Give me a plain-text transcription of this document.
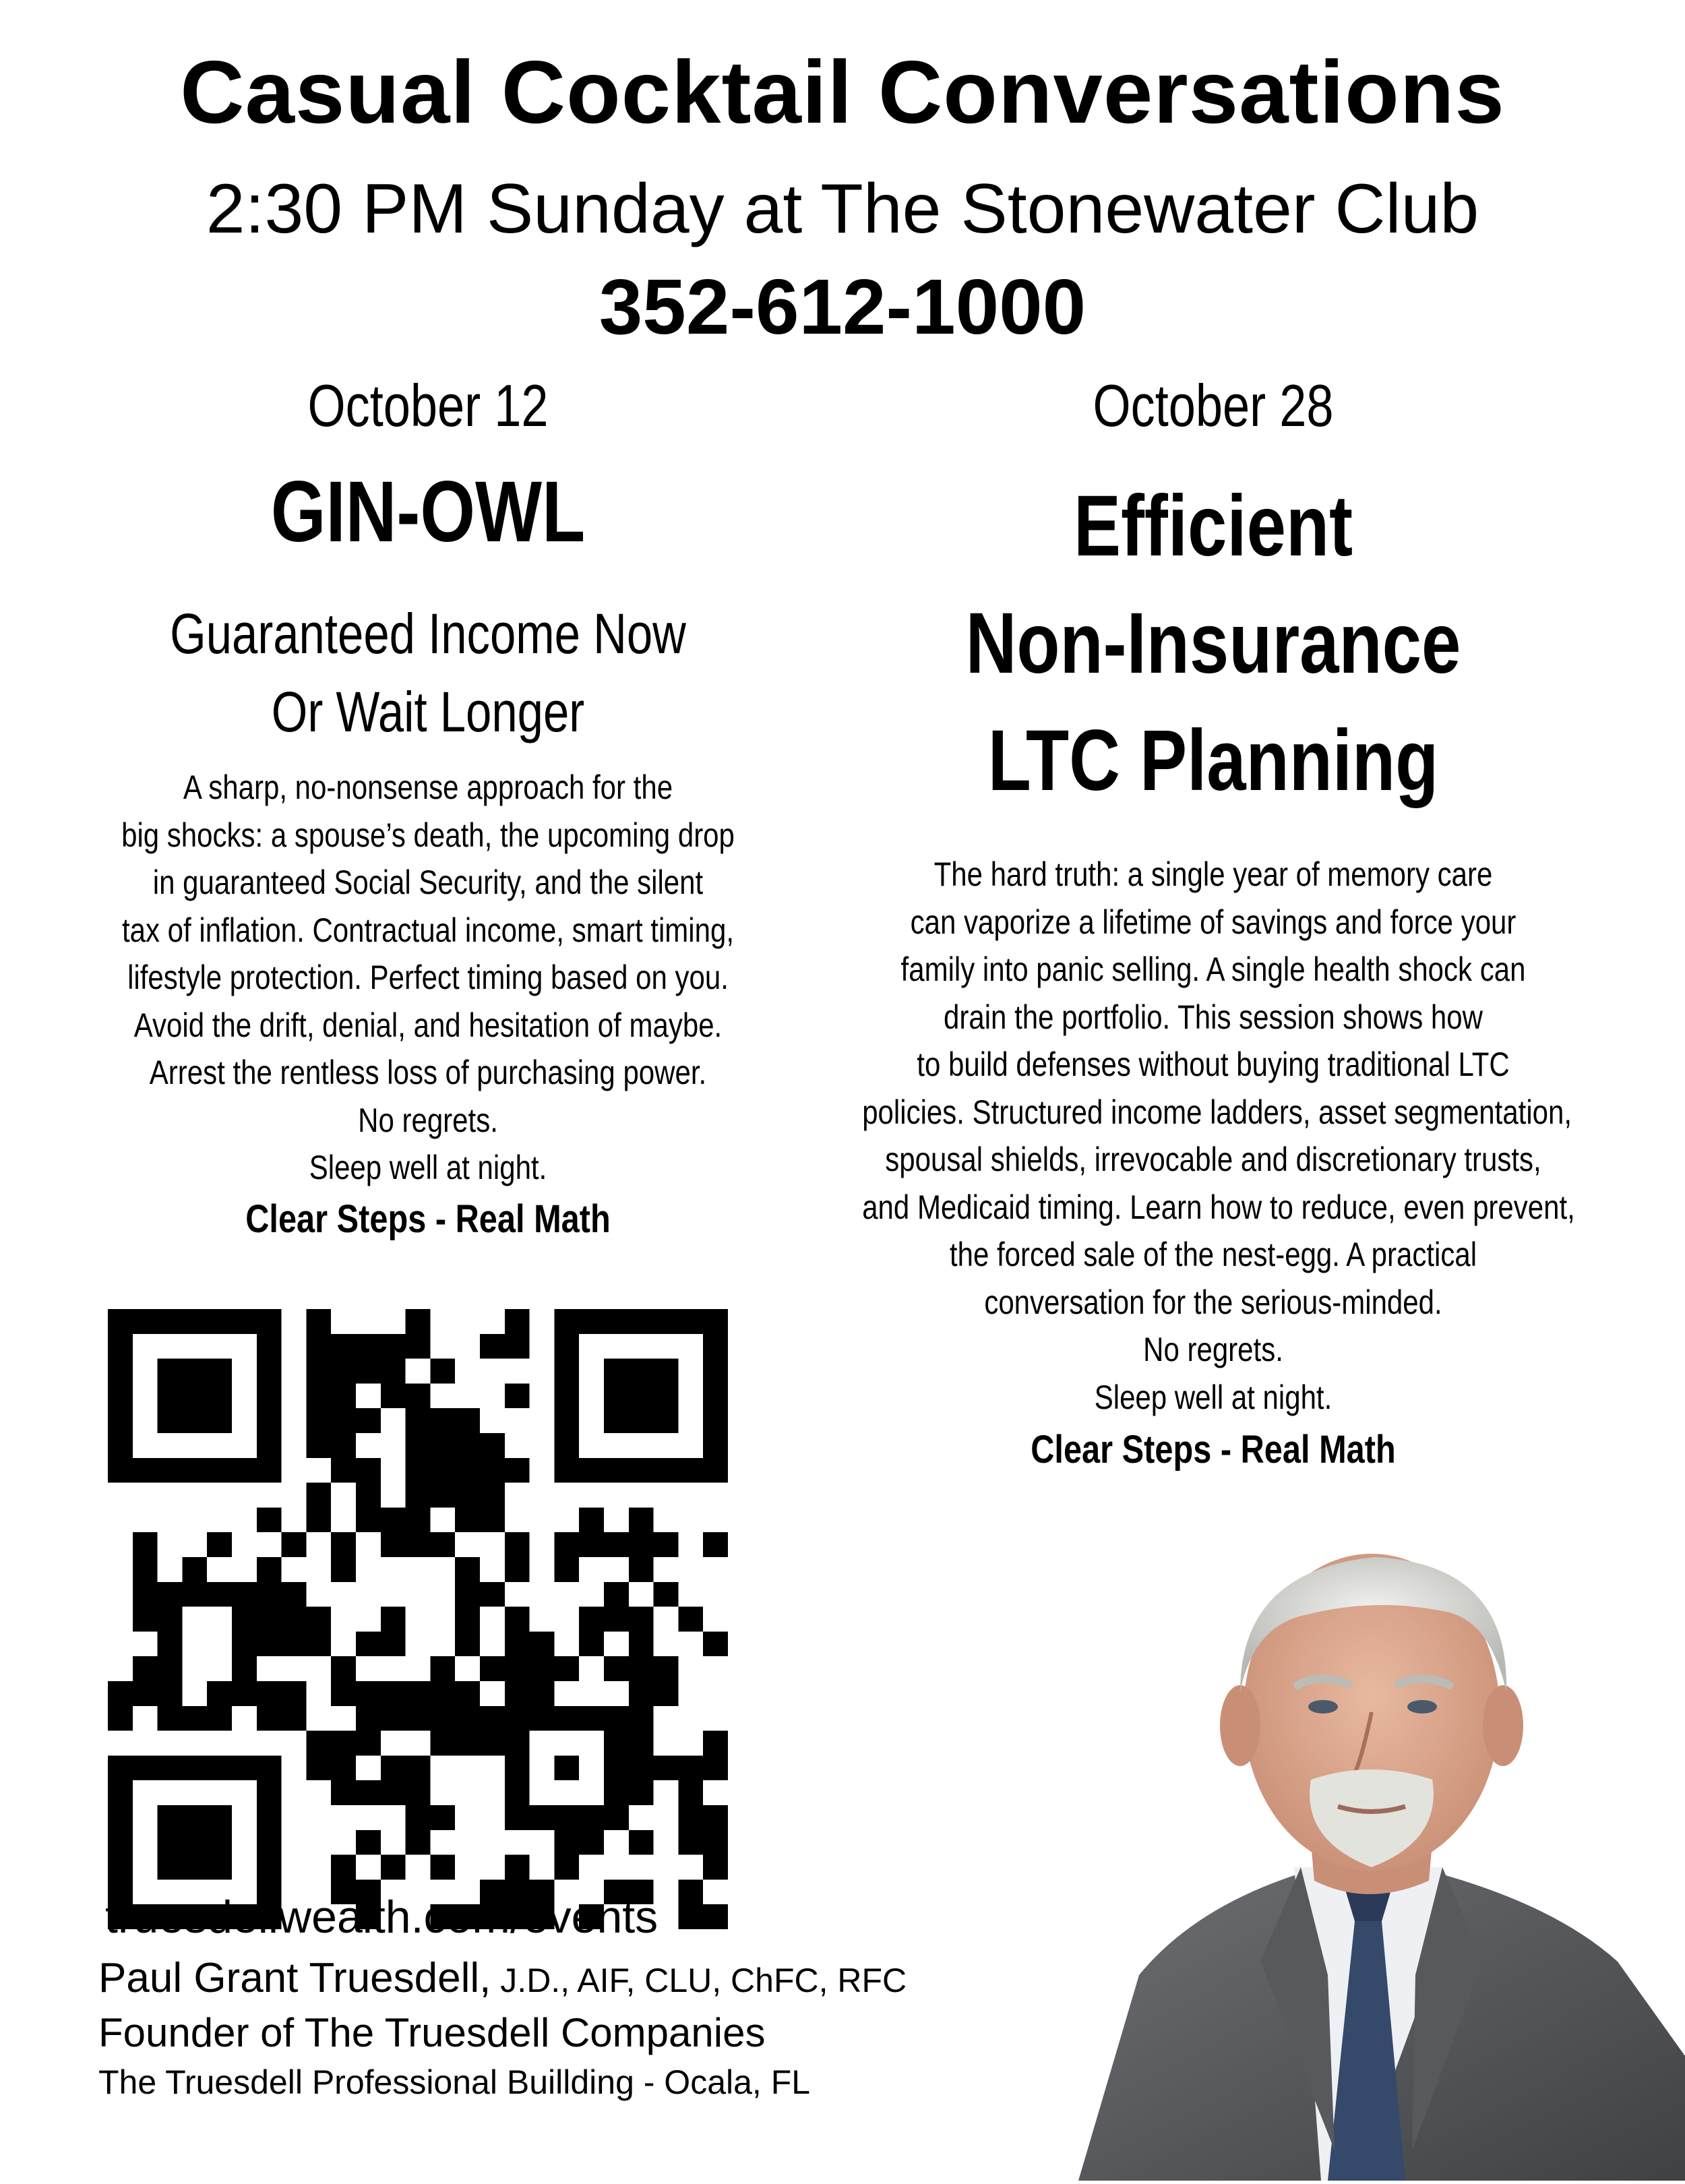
Casual Cocktail Conversations
2:30 PM Sunday at The Stonewater Club
352-612-1000
October 12
GIN-OWL
Guaranteed Income Now
Or Wait Longer
A sharp, no-nonsense approach for the
big shocks: a spouse’s death, the upcoming drop
in guaranteed Social Security, and the silent
tax of inflation. Contractual income, smart timing,
lifestyle protection. Perfect timing based on you.
Avoid the drift, denial, and hesitation of maybe.
Arrest the rentless loss of purchasing power.
No regrets.
Sleep well at night.
Clear Steps - Real Math
October 28
Efficient
Non-Insurance
LTC Planning
The hard truth: a single year of memory care
can vaporize a lifetime of savings and force your
family into panic selling. A single health shock can
drain the portfolio. This session shows how
to build defenses without buying traditional LTC
policies. Structured income ladders, asset segmentation,
spousal shields, irrevocable and discretionary trusts,
and Medicaid timing. Learn how to reduce, even prevent,
the forced sale of the nest-egg. A practical
conversation for the serious-minded.
No regrets.
Sleep well at night.
Clear Steps - Real Math
truesdellwealth.com/events
Paul Grant Truesdell, J.D., AIF, CLU, ChFC, RFC
Founder of The Truesdell Companies
The Truesdell Professional Buillding - Ocala, FL
